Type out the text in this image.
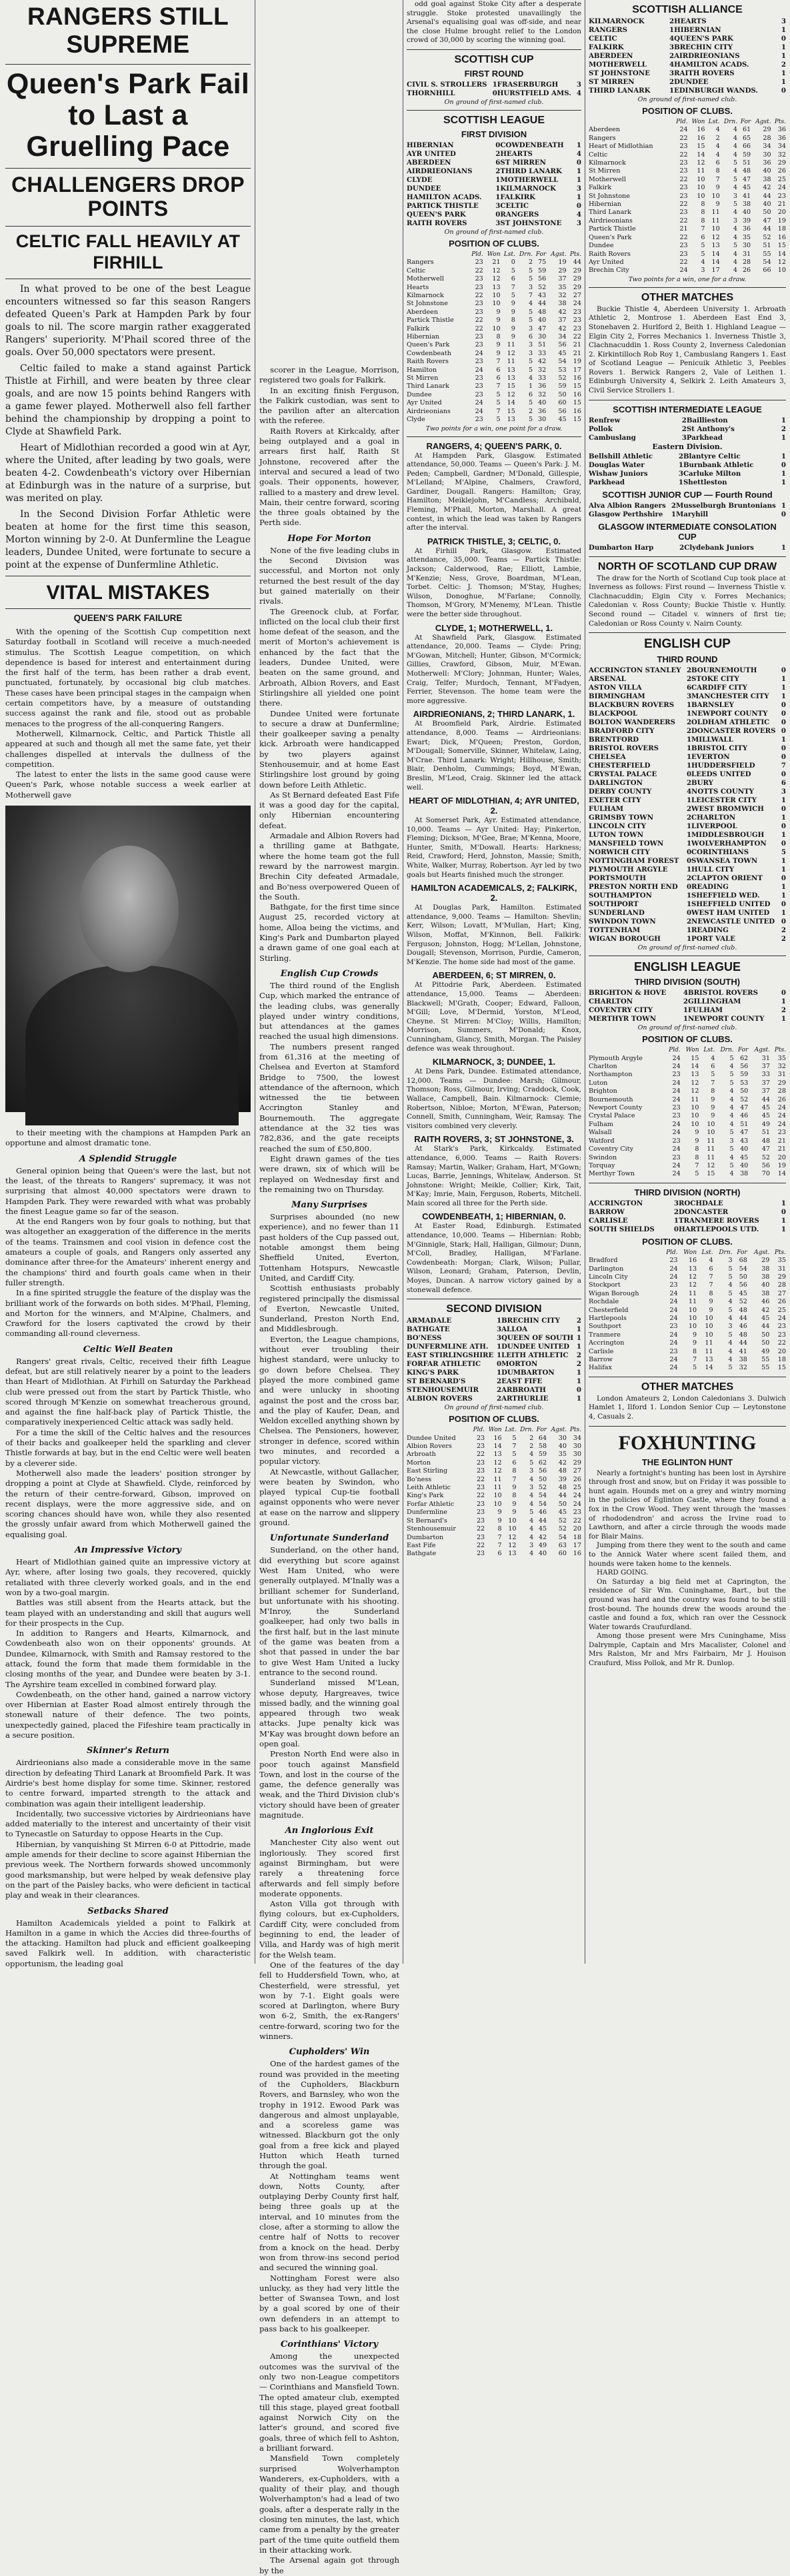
RANGERS STILL SUPREME
Queen's Park Fail to Last a Gruelling Pace
CHALLENGERS DROP POINTS
CELTIC FALL HEAVILY AT FIRHILL

In what proved to be one of the best League encounters witnessed so far this season Rangers defeated Queen's Park at Hampden Park by four goals to nil. The score margin rather exaggerated Rangers' superiority. M'Phail scored three of the goals. Over 50,000 spectators were present.

Celtic failed to make a stand against Partick Thistle at Firhill, and were beaten by three clear goals, and are now 15 points behind Rangers with a game fewer played. Motherwell also fell farther behind the championship by dropping a point to Clyde at Shawfield Park.

Heart of Midlothian recorded a good win at Ayr, where the United, after leading by two goals, were beaten 4-2. Cowdenbeath's victory over Hibernian at Edinburgh was in the nature of a surprise, but was merited on play.

In the Second Division Forfar Athletic were beaten at home for the first time this season, Morton winning by 2-0. At Dunfermline the League leaders, Dundee United, were fortunate to secure a point at the expense of Dunfermline Athletic.

VITAL MISTAKES
QUEEN'S PARK FAILURE

With the opening of the Scottish Cup competition next Saturday football in Scotland will receive a much-needed stimulus. The Scottish League competition, on which dependence is based for interest and entertainment during the first half of the term, has been rather a drab event, punctuated, fortunately, by occasional big club matches. These cases have been principal stages in the campaign when certain competitors have, by a measure of outstanding success against the rank and file, stood out as probable menaces to the progress of the all-conquering Rangers.

Motherwell, Kilmarnock, Celtic, and Partick Thistle all appeared at such and though all met the same fate, yet their challenges dispelled at intervals the dullness of the competition.

The latest to enter the lists in the same good cause were Queen's Park, whose notable success a week earlier at Motherwell gave

to their meeting with the champions at Hampden Park an opportune and almost dramatic tone.

A Splendid Struggle

General opinion being that Queen's were the last, but not the least, of the threats to Rangers' supremacy, it was not surprising that almost 40,000 spectators were drawn to Hampden Park. They were rewarded with what was probably the finest League game so far of the season.

At the end Rangers won by four goals to nothing, but that was altogether an exaggeration of the difference in the merits of the teams. Trainsmen and cool vision in defence cost the amateurs a couple of goals, and Rangers only asserted any dominance after three-for the Amateurs' inherent energy and the champions' third and fourth goals came when in their fuller strength.

In a fine spirited struggle the feature of the display was the brilliant work of the forwards on both sides. M'Phail, Fleming, and Morton for the winners, and M'Alpine, Chalmers, and Crawford for the losers captivated the crowd by their commanding all-round cleverness.

Celtic Well Beaten

Rangers' great rivals, Celtic, received their fifth League defeat, but are still relatively nearer by a point to the leaders than Heart of Midlothian. At Firhill on Saturday the Parkhead club were pressed out from the start by Partick Thistle, who scored through M'Kenzie on somewhat treacherous ground, and against the fine half-back play of Partick Thistle, the comparatively inexperienced Celtic attack was sadly held.

For a time the skill of the Celtic halves and the resources of their backs and goalkeeper held the sparkling and clever Thistle forwards at bay, but in the end Celtic were well beaten by a cleverer side.

Motherwell also made the leaders' position stronger by dropping a point at Clyde at Shawfield. Clyde, reinforced by the return of their centre-forward, Gibson, improved on recent displays, were the more aggressive side, and on scoring chances should have won, while they also resented the grossly unfair award from which Motherwell gained the equalising goal.

An Impressive Victory

Heart of Midlothian gained quite an impressive victory at Ayr, where, after losing two goals, they recovered, quickly retaliated with three cleverly worked goals, and in the end won by a two-goal margin.

Battles was still absent from the Hearts attack, but the team played with an understanding and skill that augurs well for their prospects in the Cup.

In addition to Rangers and Hearts, Kilmarnock, and Cowdenbeath also won on their opponents' grounds. At Dundee, Kilmarnock, with Smith and Ramsay restored to the attack, found the form that made them formidable in the closing months of the year, and Dundee were beaten by 3-1. The Ayrshire team excelled in combined forward play.

Cowdenbeath, on the other hand, gained a narrow victory over Hibernian at Easter Road almost entirely through the stonewall nature of their defence. The two points, unexpectedly gained, placed the Fifeshire team practically in a secure position.

Skinner's Return

Airdrieonians also made a considerable move in the same direction by defeating Third Lanark at Broomfield Park. It was Airdrie's best home display for some time. Skinner, restored to centre forward, imparted strength to the attack and combination was again their intelligent leadership.

Incidentally, two successive victories by Airdrieonians have added materially to the interest and uncertainty of their visit to Tynecastle on Saturday to oppose Hearts in the Cup.

Hibernian, by vanquishing St Mirren 6-0 at Pittodrie, made ample amends for their decline to score against Hibernian the previous week. The Northern forwards showed uncommonly good marksmanship, but were helped by weak defensive play on the part of the Paisley backs, who were deficient in tactical play and weak in their clearances.

Setbacks Shared

Hamilton Academicals yielded a point to Falkirk at Hamilton in a game in which the Accies did three-fourths of the attacking. Hamilton had pluck and efficient goalkeeping saved Falkirk well. In addition, with characteristic opportunism, the leading goal

scorer in the League, Morrison, registered two goals for Falkirk.

In an exciting finish Ferguson, the Falkirk custodian, was sent to the pavilion after an altercation with the referee.

Raith Rovers at Kirkcaldy, after being outplayed and a goal in arrears first half, Raith St Johnstone, recovered after the interval and secured a lead of two goals. Their opponents, however, rallied to a mastery and drew level. Main, their centre forward, scoring the three goals obtained by the Perth side.

Hope For Morton

None of the five leading clubs in the Second Division was successful, and Morton not only returned the best result of the day but gained materially on their rivals.

The Greenock club, at Forfar, inflicted on the local club their first home defeat of the season, and the merit of Morton's achievement is enhanced by the fact that the leaders, Dundee United, were beaten on the same ground, and Arbroath, Albion Rovers, and East Stirlingshire all yielded one point there.

Dundee United were fortunate to secure a draw at Dunfermline; their goalkeeper saving a penalty kick. Arbroath were handicapped by two players against Stenhousemuir, and at home East Stirlingshire lost ground by going down before Leith Athletic.

As St Bernard defeated East Fife it was a good day for the capital, only Hibernian encountering defeat.

Armadale and Albion Rovers had a thrilling game at Bathgate, where the home team got the full reward by the narrowest margin. Brechin City defeated Armadale, and Bo'ness overpowered Queen of the South.

Bathgate, for the first time since August 25, recorded victory at home, Alloa being the victims, and King's Park and Dumbarton played a drawn game of one goal each at Stirling.

English Cup Crowds

The third round of the English Cup, which marked the entrance of the leading clubs, was generally played under wintry conditions, but attendances at the games reached the usual high dimensions.

The numbers present ranged from 61,316 at the meeting of Chelsea and Everton at Stamford Bridge to 7500, the lowest attendance of the afternoon, which witnessed the tie between Accrington Stanley and Bournemouth. The aggregate attendance at the 32 ties was 782,836, and the gate receipts reached the sum of £50,800.

Eight drawn games of the ties were drawn, six of which will be replayed on Wednesday first and the remaining two on Thursday.

Many Surprises

Surprises abounded (no new experience), and no fewer than 11 past holders of the Cup passed out, notable amongst them being Sheffield United, Everton, Tottenham Hotspurs, Newcastle United, and Cardiff City.

Scottish enthusiasts probably registered principally the dismissal of Everton, Newcastle United, Sunderland, Preston North End, and Middlesbrough.

Everton, the League champions, without ever troubling their highest standard, were unlucky to go down before Chelsea. They played the more combined game and were unlucky in shooting against the post and the cross bar, and the play of Kaufer, Dean, and Weldon excelled anything shown by Chelsea. The Pensioners, however, stronger in defence, scored within two minutes, and recorded a popular victory.

At Newcastle, without Gallacher, were beaten by Swindon, who played typical Cup-tie football against opponents who were never at ease on the narrow and slippery ground.

Unfortunate Sunderland

Sunderland, on the other hand, did everything but score against West Ham United, who were generally outplayed. M'Inally was a brilliant schemer for Sunderland, but unfortunate with his shooting. M'Inroy, the Sunderland goalkeeper, had only two balls in the first half, but in the last minute of the game was beaten from a shot that passed in under the bar to give West Ham United a lucky entrance to the second round.

Sunderland missed M'Lean, whose deputy, Hargreaves, twice missed badly, and the winning goal appeared through two weak attacks. Jupe penalty kick was M'Kay was brought down before an open goal.

Preston North End were also in poor touch against Mansfield Town, and lost in the course of the game, the defence generally was weak, and the Third Division club's victory should have been of greater magnitude.

An Inglorious Exit

Manchester City also went out ingloriously. They scored first against Birmingham, but were rarely a threatening force afterwards and fell simply before moderate opponents.

Aston Villa got through with flying colours, but ex-Cupholders, Cardiff City, were concluded from beginning to end, the leader of Villa, and Hardy was of high merit for the Welsh team.

One of the features of the day fell to Huddersfield Town, who, at Chesterfield, were stressful, yet won by 7-1. Eight goals were scored at Darlington, where Bury won 6-2, Smith, the ex-Rangers' centre-forward, scoring two for the winners.

Cupholders' Win

One of the hardest games of the round was provided in the meeting of the Cupholders, Blackburn Rovers, and Barnsley, who won the trophy in 1912. Ewood Park was dangerous and almost unplayable, and a scoreless game was witnessed. Blackburn got the only goal from a free kick and played Hutton which Heath turned through the goal.

At Nottingham teams went down, Notts County, after outplaying Derby County first half, being three goals up at the interval, and 10 minutes from the close, after a storming to allow the centre half of Notts to recover from a knock on the head. Derby won from throw-ins second period and secured the winning goal.

Nottingham Forest were also unlucky, as they had very little the better of Swansea Town, and lost by a goal scored by one of their own defenders in an attempt to pass back to his goalkeeper.

Corinthians' Victory

Among the unexpected outcomes was the survival of the only two non-League competitors — Corinthians and Mansfield Town. The opted amateur club, exempted till this stage, played great football against Norwich City on the latter's ground, and scored five goals, three of which fell to Ashton, a brilliant forward.

Mansfield Town completely surprised Wolverhampton Wanderers, ex-Cupholders, with a quality of their play, and though Wolverhampton's had a lead of two goals, after a desperate rally in the closing ten minutes, the last, which came from a penalty by the greater part of the time quite outfield them in their attacking work.

The Arsenal again got through by the

odd goal against Stoke City after a desperate struggle. Stoke protested unavailingly the Arsenal's equalising goal was off-side, and near the close Hulme brought relief to the London crowd of 30,000 by scoring the winning goal.

SCOTTISH CUP
FIRST ROUND
CIVIL S. STROLLERS	1	FRASERBURGH	3
THORNHILL	0	HURSTFIELD AMS.	4
On ground of first-named club.
SCOTTISH LEAGUE
FIRST DIVISION
HIBERNIAN	0	COWDENBEATH	1
AYR UNITED	2	HEARTS	4
ABERDEEN	6	ST MIRREN	0
AIRDRIEONIANS	2	THIRD LANARK	1
CLYDE	1	MOTHERWELL	1
DUNDEE	1	KILMARNOCK	3
HAMILTON ACADS.	1	FALKIRK	1
PARTICK THISTLE	3	CELTIC	0
QUEEN'S PARK	0	RANGERS	4
RAITH ROVERS	3	ST JOHNSTONE	3
On ground of first-named club.
POSITION OF CLUBS.
	Pld.	Won	Lst.	Drn.	For	Agst.	Pts.
Rangers	23	21	0	2	75	19	44
Celtic	22	12	5	5	59	29	29
Motherwell	23	12	6	5	56	37	29
Hearts	23	13	7	3	52	35	29
Kilmarnock	22	10	5	7	43	32	27
St Johnstone	23	10	9	4	44	38	24
Aberdeen	23	9	9	5	48	42	23
Partick Thistle	22	9	8	5	40	37	23
Falkirk	22	10	9	3	47	42	23
Hibernian	23	8	9	6	30	34	22
Queen's Park	23	9	11	3	51	56	21
Cowdenbeath	24	9	12	3	33	45	21
Raith Rovers	23	7	11	5	42	54	19
Hamilton	24	6	13	5	32	53	17
St Mirren	23	6	13	4	33	52	16
Third Lanark	23	7	15	1	36	59	15
Dundee	23	5	12	6	32	50	16
Ayr United	24	5	14	5	40	60	15
Airdrieonians	24	7	15	2	36	56	16
Clyde	23	5	13	5	30	45	15
Two points for a win, one point for a draw.
RANGERS, 4; QUEEN'S PARK, 0.

At Hampden Park, Glasgow. Estimated attendance, 50,000. Teams — Queen's Park: J. M. Peden; Campbell, Gardner; M'Donald, Gillespie, M'Lelland; M'Alpine, Chalmers, Crawford, Gardiner, Dougall. Rangers: Hamilton; Gray, Hamilton; Meiklejohn, M'Candless; Archibald, Fleming, M'Phail, Morton, Marshall. A great contest, in which the lead was taken by Rangers after the interval.

PATRICK THISTLE, 3; CELTIC, 0.

At Firhill Park, Glasgow. Estimated attendance, 35,000. Teams — Partick Thistle: Jackson; Calderwood, Rae; Elliott, Lambie, M'Kenzie; Ness, Grove, Boardman, M'Lean, Torbet. Celtic: J. Thomson; M'Stay, Hughes; Wilson, Donoghue, M'Farlane; Connolly, Thomson, M'Grory, M'Menemy, M'Lean. Thistle were the better side throughout.

CLYDE, 1; MOTHERWELL, 1.

At Shawfield Park, Glasgow. Estimated attendance, 20,000. Teams — Clyde: Pring; M'Gowan, Mitchell; Hunter, Gibson, M'Cormick; Gillies, Crawford, Gibson, Muir, M'Ewan. Motherwell: M'Clory; Johnman, Hunter; Wales, Craig, Telfer; Murdoch, Tennant, M'Fadyen, Ferrier, Stevenson. The home team were the more aggressive.

AIRDRIEONIANS, 2; THIRD LANARK, 1.

At Broomfield Park, Airdrie. Estimated attendance, 8,000. Teams — Airdrieonians: Ewart; Dick, M'Queen; Preston, Gordon, M'Dougall; Somerville, Skinner, Whitelaw, Laing, M'Crae. Third Lanark: Wright; Hillhouse, Smith; Blair, Denholm, Cummings; Boyd, M'Ewan, Breslin, M'Leod, Craig. Skinner led the attack well.

HEART OF MIDLOTHIAN, 4; AYR UNITED, 2.

At Somerset Park, Ayr. Estimated attendance, 10,000. Teams — Ayr United: Hay; Pinkerton, Fleming; Dickson, M'Gee, Brae; M'Kenna, Moore, Hunter, Smith, M'Dowall. Hearts: Harkness; Reid, Crawford; Herd, Johnston, Massie; Smith, White, Walker, Murray, Robertson. Ayr led by two goals but Hearts finished much the stronger.

HAMILTON ACADEMICALS, 2; FALKIRK, 2.

At Douglas Park, Hamilton. Estimated attendance, 9,000. Teams — Hamilton: Shevlin; Kerr, Wilson; Lovatt, M'Mullan, Hart; King, Wilson, Moffat, M'Kinnon, Bell. Falkirk: Ferguson; Johnston, Hogg; M'Lellan, Johnstone, Dougall; Stevenson, Morrison, Purdie, Cameron, M'Kenzie. The home side had most of the game.

ABERDEEN, 6; ST MIRREN, 0.

At Pittodrie Park, Aberdeen. Estimated attendance, 15,000. Teams — Aberdeen: Blackwell; M'Grath, Cooper; Edward, Falloon, M'Gill; Love, M'Dermid, Yorston, M'Leod, Cheyne. St Mirren: M'Cloy; Willis, Hamilton; Morrison, Summers, M'Donald; Knox, Cunningham, Glancy, Smith, Morgan. The Paisley defence was weak throughout.

KILMARNOCK, 3; DUNDEE, 1.

At Dens Park, Dundee. Estimated attendance, 12,000. Teams — Dundee: Marsh; Gilmour, Thomson; Ross, Gilmour, Irving; Craddock, Cook, Wallace, Campbell, Bain. Kilmarnock: Clemie; Robertson, Nibloe; Morton, M'Ewan, Paterson; Connell, Smith, Cunningham, Weir, Ramsay. The visitors combined very cleverly.

RAITH ROVERS, 3; ST JOHNSTONE, 3.

At Stark's Park, Kirkcaldy. Estimated attendance, 6,000. Teams — Raith Rovers: Ramsay; Martin, Walker; Graham, Hart, M'Gown; Lucas, Barrie, Jennings, Whitelaw, Anderson. St Johnstone: Wright; Meikle, Collier; Kirk, Tait, M'Kay; Imrie, Main, Ferguson, Roberts, Mitchell. Main scored all three for the Perth side.

COWDENBEATH, 1; HIBERNIAN, 0.

At Easter Road, Edinburgh. Estimated attendance, 10,000. Teams — Hibernian: Robb; M'Ginnigle, Stark; Hall, Halligan, Gilmour; Dunn, M'Coll, Bradley, Halligan, M'Farlane. Cowdenbeath: Morgan; Clark, Wilson; Pullar, Wilson, Leonard; Graham, Paterson, Devlin, Moyes, Duncan. A narrow victory gained by a stonewall defence.

SECOND DIVISION
ARMADALE	1	BRECHIN CITY	2
BATHGATE	3	ALLOA	1
BO'NESS	3	QUEEN OF SOUTH	1
DUNFERMLINE ATH.	1	DUNDEE UNITED	1
EAST STIRLINGSHIRE	1	LEITH ATHLETIC	2
FORFAR ATHLETIC	0	MORTON	2
KING'S PARK	1	DUMBARTON	1
ST BERNARD'S	2	EAST FIFE	1
STENHOUSEMUIR	2	ARBROATH	0
ALBION ROVERS	2	ARTHURLIE	1
On ground of first-named club.
POSITION OF CLUBS.
	Pld.	Won	Lst.	Drn.	For	Agst.	Pts.
Dundee United	23	16	5	2	64	30	34
Albion Rovers	23	14	7	2	58	40	30
Arbroath	22	13	5	4	59	35	30
Morton	23	12	6	5	62	42	29
East Stirling	23	12	8	3	56	48	27
Bo'ness	22	11	7	4	50	39	26
Leith Athletic	23	11	9	3	52	48	25
King's Park	22	10	8	4	54	44	24
Forfar Athletic	23	10	9	4	54	50	24
Dunfermline	23	9	9	5	46	45	23
St Bernard's	23	9	10	4	44	52	22
Stenhousemuir	22	8	10	4	45	52	20
Dumbarton	23	7	12	4	42	54	18
East Fife	22	7	12	3	49	63	17
Bathgate	23	6	13	4	40	60	16
SCOTTISH ALLIANCE
KILMARNOCK	2	HEARTS	3
RANGERS	1	HIBERNIAN	1
CELTIC	4	QUEEN'S PARK	0
FALKIRK	3	BRECHIN CITY	1
ABERDEEN	2	AIRDRIEONIANS	1
MOTHERWELL	4	HAMILTON ACADS.	2
ST JOHNSTONE	3	RAITH ROVERS	1
ST MIRREN	2	DUNDEE	1
THIRD LANARK	1	EDINBURGH WANDS.	0
On ground of first-named club.
POSITION OF CLUBS.
	Pld.	Won	Lst.	Drn.	For	Agst.	Pts.
Aberdeen	24	16	4	4	61	29	36
Rangers	22	16	2	4	65	28	36
Heart of Midlothian	23	15	4	4	66	34	34
Celtic	22	14	4	4	59	30	32
Kilmarnock	23	12	6	5	51	36	29
St Mirren	23	11	8	4	48	40	26
Motherwell	22	10	7	5	47	38	25
Falkirk	23	10	9	4	45	42	24
St Johnstone	23	10	10	3	41	44	23
Hibernian	22	8	9	5	38	40	21
Third Lanark	23	8	11	4	40	50	20
Airdrieonians	22	8	11	3	39	47	19
Partick Thistle	21	7	10	4	36	44	18
Queen's Park	22	6	12	4	35	52	16
Dundee	23	5	13	5	30	51	15
Raith Rovers	23	5	14	4	31	55	14
Ayr United	22	4	14	4	28	54	12
Brechin City	24	3	17	4	26	66	10
Two points for a win, one for a draw.
OTHER MATCHES

Buckie Thistle 4, Aberdeen University 1. Arbroath Athletic 2, Montrose 1. Aberdeen East End 3, Stonehaven 2. Hurlford 2, Beith 1. Highland League — Elgin City 2, Forres Mechanics 1. Inverness Thistle 3, Clachnacuddin 1. Ross County 2, Inverness Caledonian 2. Kirkintilloch Rob Roy 1, Cambuslang Rangers 1. East of Scotland League — Penicuik Athletic 3, Peebles Rovers 1. Berwick Rangers 2, Vale of Leithen 1. Edinburgh University 4, Selkirk 2. Leith Amateurs 3, Civil Service Strollers 1.

SCOTTISH INTERMEDIATE LEAGUE
Renfrew	2	Baillieston	1
Pollok	2	St Anthony's	2
Cambuslang	3	Parkhead	1
Eastern Division.
Bellshill Athletic	2	Blantyre Celtic	1
Douglas Water	1	Burnbank Athletic	0
Wishaw Juniors	3	Carluke Milton	1
Parkhead	1	Shettleston	1
SCOTTISH JUNIOR CUP — Fourth Round
Alva Albion Rangers	2	Musselburgh Bruntonians	1
Glasgow Perthshire	1	Maryhill	0
GLASGOW INTERMEDIATE CONSOLATION CUP
Dumbarton Harp	2	Clydebank Juniors	1
NORTH OF SCOTLAND CUP DRAW

The draw for the North of Scotland Cup took place at Inverness as follows: First round — Inverness Thistle v. Clachnacuddin; Elgin City v. Forres Mechanics; Caledonian v. Ross County; Buckie Thistle v. Huntly. Second round — Citadel v. winners of first tie; Caledonian or Ross County v. Nairn County.

ENGLISH CUP
THIRD ROUND
ACCRINGTON STANLEY	2	BOURNEMOUTH	0
ARSENAL	2	STOKE CITY	1
ASTON VILLA	6	CARDIFF CITY	1
BIRMINGHAM	3	MANCHESTER CITY	1
BLACKBURN ROVERS	1	BARNSLEY	0
BLACKPOOL	1	NEWPORT COUNTY	0
BOLTON WANDERERS	2	OLDHAM ATHLETIC	0
BRADFORD CITY	2	DONCASTER ROVERS	0
BRENTFORD	1	MILLWALL	1
BRISTOL ROVERS	1	BRISTOL CITY	0
CHELSEA	1	EVERTON	0
CHESTERFIELD	1	HUDDERSFIELD	7
CRYSTAL PALACE	0	LEEDS UNITED	0
DARLINGTON	2	BURY	6
DERBY COUNTY	4	NOTTS COUNTY	3
EXETER CITY	1	LEICESTER CITY	1
FULHAM	2	WEST BROMWICH	0
GRIMSBY TOWN	2	CHARLTON	1
LINCOLN CITY	1	LIVERPOOL	0
LUTON TOWN	1	MIDDLESBROUGH	1
MANSFIELD TOWN	1	WOLVERHAMPTON	0
NORWICH CITY	0	CORINTHIANS	5
NOTTINGHAM FOREST	0	SWANSEA TOWN	1
PLYMOUTH ARGYLE	1	HULL CITY	1
PORTSMOUTH	2	CLAPTON ORIENT	0
PRESTON NORTH END	0	READING	1
SOUTHAMPTON	1	SHEFFIELD WED.	1
SOUTHPORT	1	SHEFFIELD UNITED	0
SUNDERLAND	0	WEST HAM UNITED	1
SWINDON TOWN	2	NEWCASTLE UNITED	0
TOTTENHAM	1	READING	2
WIGAN BOROUGH	1	PORT VALE	2
On ground of first-named club.
ENGLISH LEAGUE
THIRD DIVISION (SOUTH)
BRIGHTON & HOVE	4	BRISTOL ROVERS	0
CHARLTON	2	GILLINGHAM	1
COVENTRY CITY	1	FULHAM	2
MERTHYR TOWN	1	NEWPORT COUNTY	1
On ground of first-named club.
POSITION OF CLUBS.
	Pld.	Won	Lst.	Drn.	For	Agst.	Pts.
Plymouth Argyle	24	15	4	5	62	31	35
Charlton	24	14	6	4	56	37	32
Northampton	23	13	5	5	59	33	31
Luton	24	12	7	5	53	37	29
Brighton	24	12	8	4	50	37	28
Bournemouth	24	11	9	4	52	44	26
Newport County	23	10	9	4	47	45	24
Crystal Palace	23	10	9	4	46	45	24
Fulham	24	10	10	4	51	49	24
Walsall	24	9	10	5	47	51	23
Watford	23	9	11	3	43	48	21
Coventry City	24	8	11	5	40	47	21
Swindon	23	8	11	4	45	52	20
Torquay	24	7	12	5	40	56	19
Merthyr Town	24	5	15	4	38	70	14
THIRD DIVISION (NORTH)
ACCRINGTON	3	ROCHDALE	1
BARROW	2	DONCASTER	0
CARLISLE	1	TRANMERE ROVERS	1
SOUTH SHIELDS	0	HARTLEPOOLS UTD.	1
POSITION OF CLUBS.
	Pld.	Won	Lst.	Drn.	For	Agst.	Pts.
Bradford	23	16	4	3	68	29	35
Darlington	24	13	6	5	54	38	31
Lincoln City	24	12	7	5	50	38	29
Stockport	23	12	7	4	56	40	28
Wigan Borough	24	11	8	5	45	38	27
Rochdale	24	11	9	4	52	46	26
Chesterfield	24	10	9	5	48	42	25
Hartlepools	24	10	10	4	44	45	24
Southport	23	10	10	3	46	44	23
Tranmere	24	9	10	5	48	50	23
Accrington	24	9	11	4	44	50	22
Carlisle	23	8	11	4	41	49	20
Barrow	24	7	13	4	38	55	18
Halifax	24	5	14	5	32	55	15
OTHER MATCHES

London Amateurs 2, London Caledonians 3. Dulwich Hamlet 1, Ilford 1. London Senior Cup — Leytonstone 4, Casuals 2.

FOXHUNTING
THE EGLINTON HUNT

Nearly a fortnight's hunting has been lost in Ayrshire through frost and snow, but on Friday it was possible to hunt again. Hounds met on a grey and wintry morning in the policies of Eglinton Castle, where they found a fox in the Crow Wood. They went through the 'masses of rhododendron' and across the Irvine road to Lawthorn, and after a circle through the woods made for Blair Mains.

Jumping from there they went to the south and came to the Annick Water where scent failed them, and hounds were taken home to the kennels.

HARD GOING.

On Saturday a big field met at Caprington, the residence of Sir Wm. Cuninghame, Bart., but the ground was hard and the country was found to be still frost-bound. The hounds drew the woods around the castle and found a fox, which ran over the Cessnock Water towards Craufurdland.

Among those present were Mrs Cuninghame, Miss Dalrymple, Captain and Mrs Macalister, Colonel and Mrs Ralston, Mr and Mrs Fairbairn, Mr J. Houison Craufurd, Miss Pollok, and Mr R. Dunlop.
